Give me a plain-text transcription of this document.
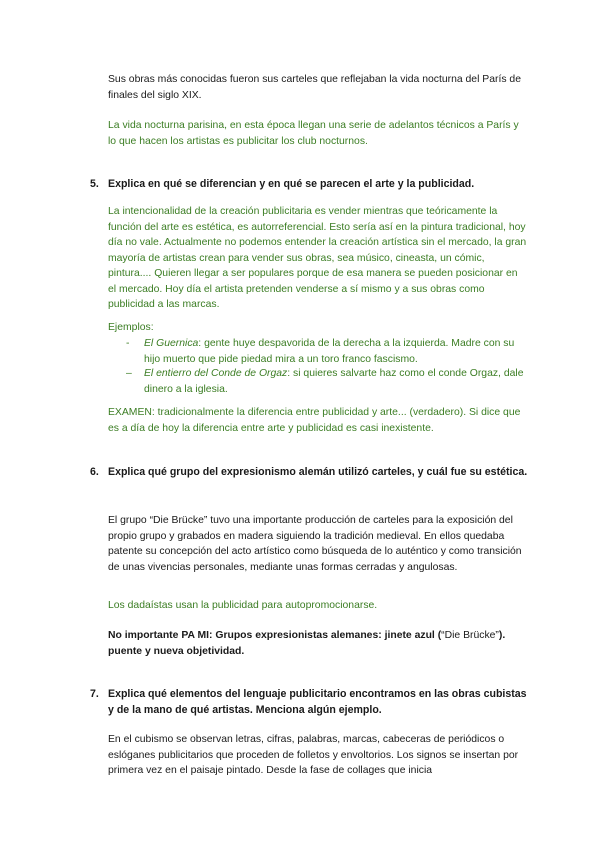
Sus obras más conocidas fueron sus carteles que reflejaban la vida nocturna del París de finales del siglo XIX.

La vida nocturna parisina, en esta época llegan una serie de adelantos técnicos a París y lo que hacen los artistas es publicitar los club nocturnos.

5. Explica en qué se diferencian y en qué se parecen el arte y la publicidad.

La intencionalidad de la creación publicitaria es vender mientras que teóricamente la función del arte es estética, es autorreferencial. Esto sería así en la pintura tradicional, hoy día no vale. Actualmente no podemos entender la creación artística sin el mercado, la gran mayoría de artistas crean para vender sus obras, sea músico, cineasta, un cómic, pintura.... Quieren llegar a ser populares porque de esa manera se pueden posicionar en el mercado. Hoy día el artista pretenden venderse a sí mismo y a sus obras como publicidad a las marcas.

Ejemplos:

- El Guernica: gente huye despavorida de la derecha a la izquierda. Madre con su hijo muerto que pide piedad mira a un toro franco fascismo.
– El entierro del Conde de Orgaz: si quieres salvarte haz como el conde Orgaz, dale dinero a la iglesia.

EXAMEN: tradicionalmente la diferencia entre publicidad y arte... (verdadero). Si dice que es a día de hoy la diferencia entre arte y publicidad es casi inexistente.

6. Explica qué grupo del expresionismo alemán utilizó carteles, y cuál fue su estética.

El grupo “Die Brücke” tuvo una importante producción de carteles para la exposición del propio grupo y grabados en madera siguiendo la tradición medieval. En ellos quedaba patente su concepción del acto artístico como búsqueda de lo auténtico y como transición de unas vivencias personales, mediante unas formas cerradas y angulosas.

Los dadaístas usan la publicidad para autopromocionarse.

No importante PA MI: Grupos expresionistas alemanes: jinete azul (“Die Brücke”). puente y nueva objetividad.

7. Explica qué elementos del lenguaje publicitario encontramos en las obras cubistas y de la mano de qué artistas. Menciona algún ejemplo.

En el cubismo se observan letras, cifras, palabras, marcas, cabeceras de periódicos o eslóganes publicitarios que proceden de folletos y envoltorios. Los signos se insertan por primera vez en el paisaje pintado. Desde la fase de collages que inicia
